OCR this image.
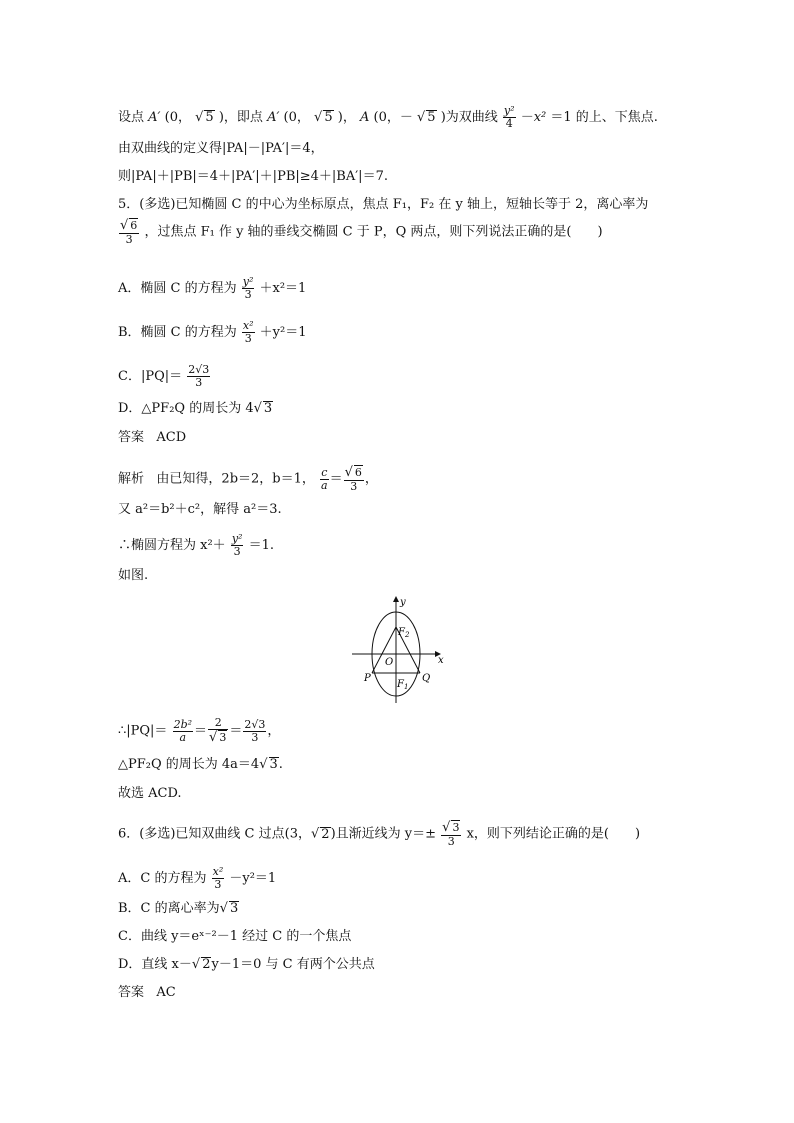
设点 A′ (0， √ 5 )，即点 A′ (0， √ 5 )， A (0，－ √ 5 )为双曲线 $\frac{\text{y²}}{4} -x^2 =1$ 的上、下焦点.
由双曲线的定义得|PA|－|PA′|＝4，
则|PA|＋|PB|＝4＋|PA′|＋|PB|≥4＋|BA′|＝7.
5．(多选)已知椭圆 C 的中心为坐标原点，焦点 F₁，F₂ 在 y 轴上，短轴长等于 2，离心率为
$\frac{√ 6}{3}$ ，过焦点 F₁ 作 y 轴的垂线交椭圆 C 于 P，Q 两点，则下列说法正确的是( )
A．椭圆 C 的方程为 $\frac{\text{y²}}{3} +x^2=1$
B．椭圆 C 的方程为 $\frac{\text{x²}}{3} +y^2=1$
C．$|PQ|= \frac{2√3}{3}$
D．△PF₂Q 的周长为 4√ 3
答案 ACD
解析 由已知得，2b＝2，b＝1， $\frac{c}{a} = \frac{√ 6}{3}$ ，
又 a²＝b²＋c²，解得 a²＝3.
∴椭圆方程为 $x^2+ \frac{\text{y²}}{3} =1$.
如图.
y
x
O
$F_2$
$F_1$
P	Q
∴|PQ|＝ $\frac{\text{2b²}}{a} = \frac{2}{√ 3} = \frac{2√3}{3}$ ，
△PF₂Q 的周长为 4a＝4√ 3.
故选 ACD.
6．(多选)已知双曲线 C 过点(3，√ 2)且渐近线为 $y=\pm \frac{√ 3}{3}$ x，则下列结论正确的是( )
A．C 的方程为 $\frac{\text{x²}}{3} -y^2=1$
B．C 的离心率为√ 3
C．曲线 y＝eˣ⁻²－1 经过 C 的一个焦点
D．直线 x－√ 2y－1＝0 与 C 有两个公共点
答案 AC
